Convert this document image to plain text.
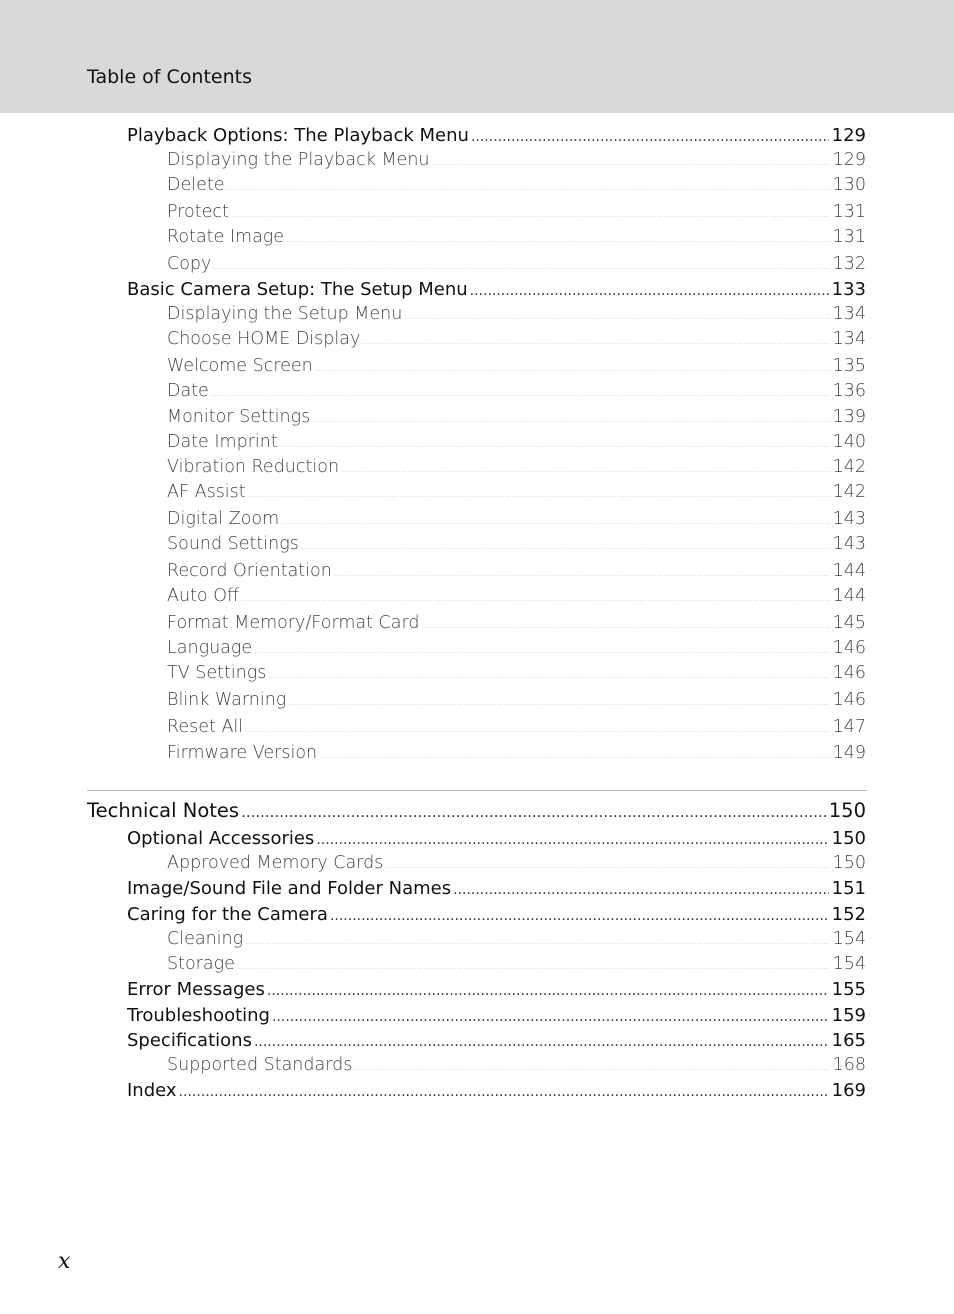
Table of Contents
Playback Options: The Playback Menu .....	129
Displaying the Playback Menu .....	129
Delete .....	130
Protect .....	131
Rotate Image .....	131
Copy .....	132
Basic Camera Setup: The Setup Menu .....	133
Displaying the Setup Menu .....	134
Choose HOME Display .....	134
Welcome Screen .....	135
Date .....	136
Monitor Settings .....	139
Date Imprint .....	140
Vibration Reduction .....	142
AF Assist .....	142
Digital Zoom .....	143
Sound Settings .....	143
Record Orientation .....	144
Auto Off .....	144
Format Memory/Format Card .....	145
Language .....	146
TV Settings .....	146
Blink Warning .....	146
Reset All .....	147
Firmware Version .....	149
Technical Notes .....	150
Optional Accessories .....	150
Approved Memory Cards .....	150
Image/Sound File and Folder Names .....	151
Caring for the Camera .....	152
Cleaning .....	154
Storage .....	154
Error Messages .....	155
Troubleshooting .....	159
Specifications .....	165
Supported Standards .....	168
Index .....	169
x
